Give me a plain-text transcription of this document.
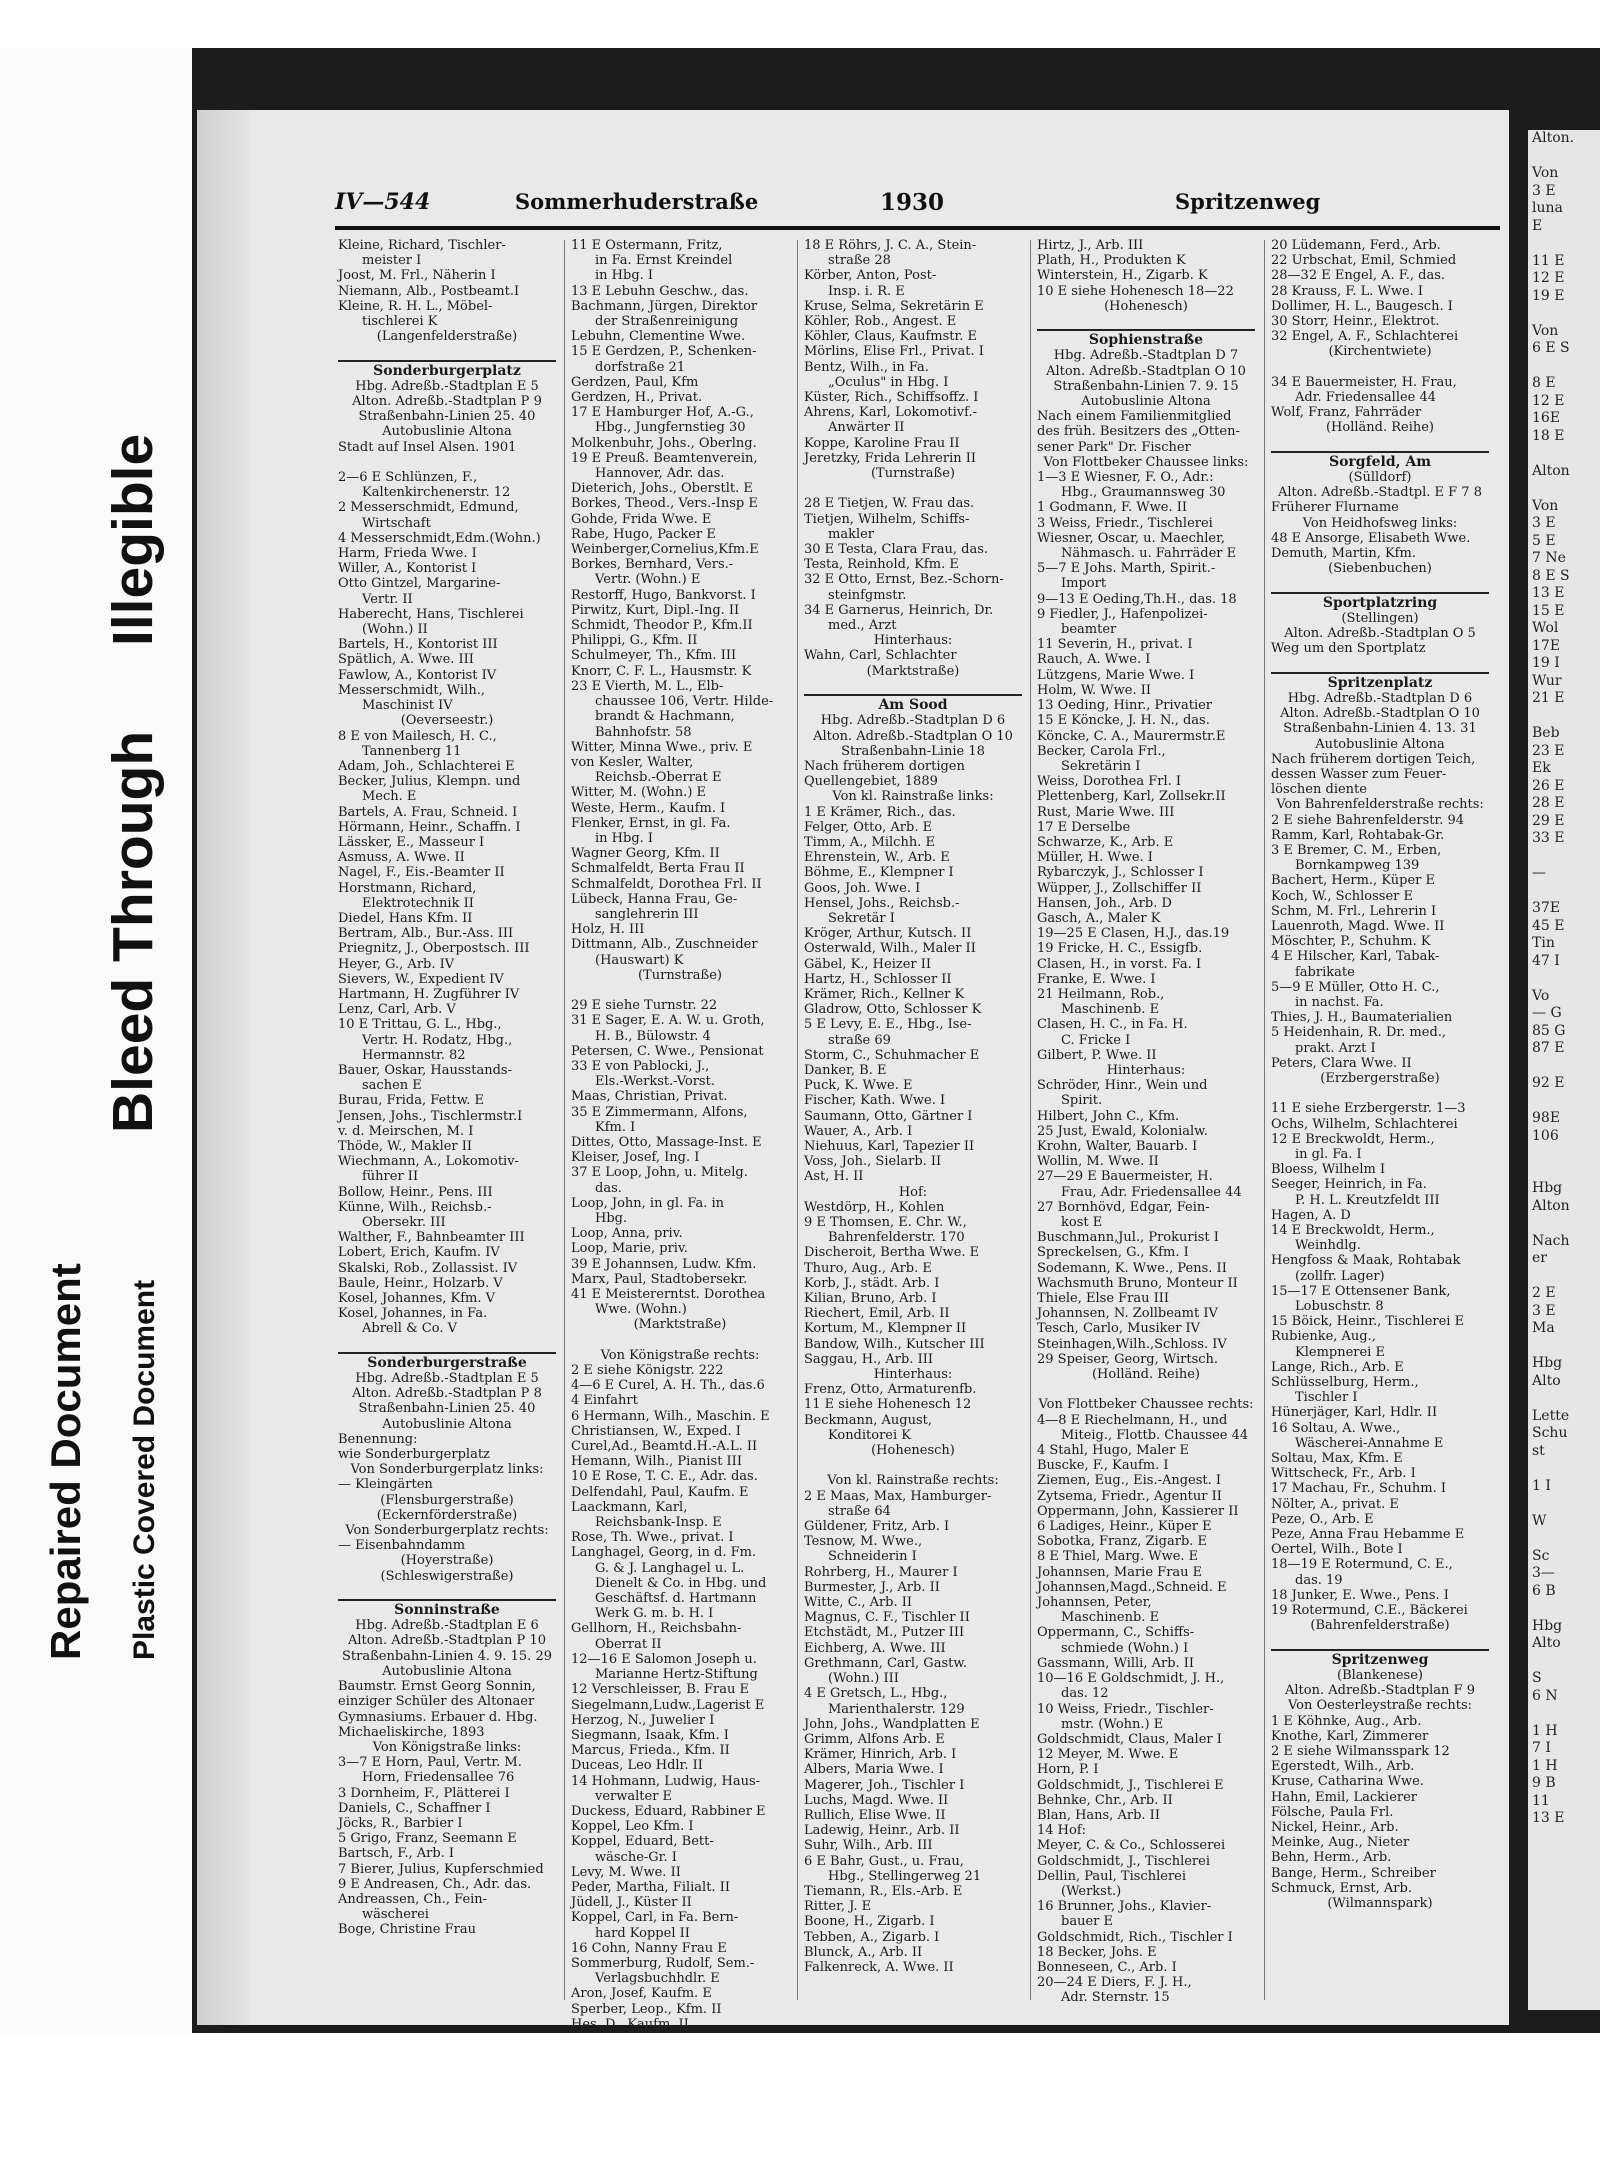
Repaired Document Plastic Covered Document
Bleed Through
Illegible
Alton.

Von
3 E
luna
E

11 E
12 E
19 E

Von
6 E S

8 E
12 E
16E
18 E

Alton

Von
3 E
5 E
7 Ne
8 E S
13 E
15 E
Wol
17E
19 I
Wur
21 E

Beb
23 E
Ek
26 E
28 E
29 E
33 E

—

37E
45 E
Tin
47 I

Vo
— G
85 G
87 E

92 E

98E
106

Hbg
Alton

Nach
er

2 E
3 E
Ma

Hbg
Alto

Lette
Schu
st

1 I

W

Sc
3—
6 B

Hbg
Alto

S
6 N

1 H
7 I
1 H
9 B
11
13 E
IV—544	Sommerhuderstraße	1930	Spritzenweg
Kleine, Richard, Tischler-
meister I
Joost, M. Frl., Näherin I
Niemann, Alb., Postbeamt.I
Kleine, R. H. L., Möbel-
tischlerei K
(Langenfelderstraße)

Sonderburgerplatz
Hbg. Adreßb.-Stadtplan E 5
Alton. Adreßb.-Stadtplan P 9
Straßenbahn-Linien 25. 40
Autobuslinie Altona
Stadt auf Insel Alsen. 1901

2—6 E Schlünzen, F.,
Kaltenkirchenerstr. 12
2 Messerschmidt, Edmund,
Wirtschaft
4 Messerschmidt,Edm.(Wohn.)
Harm, Frieda Wwe. I
Willer, A., Kontorist I
Otto Gintzel, Margarine-
Vertr. II
Haberecht, Hans, Tischlerei
(Wohn.) II
Bartels, H., Kontorist III
Spätlich, A. Wwe. III
Fawlow, A., Kontorist IV
Messerschmidt, Wilh.,
Maschinist IV
(Oeverseestr.)
8 E von Mailesch, H. C.,
Tannenberg 11
Adam, Joh., Schlachterei E
Becker, Julius, Klempn. und
Mech. E
Bartels, A. Frau, Schneid. I
Hörmann, Heinr., Schaffn. I
Lässker, E., Masseur I
Asmuss, A. Wwe. II
Nagel, F., Eis.-Beamter II
Horstmann, Richard,
Elektrotechnik II
Diedel, Hans Kfm. II
Bertram, Alb., Bur.-Ass. III
Priegnitz, J., Oberpostsch. III
Heyer, G., Arb. IV
Sievers, W., Expedient IV
Hartmann, H. Zugführer IV
Lenz, Carl, Arb. V
10 E Trittau, G. L., Hbg.,
Vertr. H. Rodatz, Hbg.,
Hermannstr. 82
Bauer, Oskar, Hausstands-
sachen E
Burau, Frida, Fettw. E
Jensen, Johs., Tischlermstr.I
v. d. Meirschen, M. I
Thöde, W., Makler II
Wiechmann, A., Lokomotiv-
führer II
Bollow, Heinr., Pens. III
Künne, Wilh., Reichsb.-
Obersekr. III
Walther, F., Bahnbeamter III
Lobert, Erich, Kaufm. IV
Skalski, Rob., Zollassist. IV
Baule, Heinr., Holzarb. V
Kosel, Johannes, Kfm. V
Kosel, Johannes, in Fa.
Abrell & Co. V

Sonderburgerstraße
Hbg. Adreßb.-Stadtplan E 5
Alton. Adreßb.-Stadtplan P 8
Straßenbahn-Linien 25. 40
Autobuslinie Altona
Benennung:
wie Sonderburgerplatz
Von Sonderburgerplatz links:
— Kleingärten
(Flensburgerstraße)
(Eckernförderstraße)
Von Sonderburgerplatz rechts:
— Eisenbahndamm
(Hoyerstraße)
(Schleswigerstraße)

Sonninstraße
Hbg. Adreßb.-Stadtplan E 6
Alton. Adreßb.-Stadtplan P 10
Straßenbahn-Linien 4. 9. 15. 29
Autobuslinie Altona
Baumstr. Ernst Georg Sonnin,
einziger Schüler des Altonaer
Gymnasiums. Erbauer d. Hbg.
Michaeliskirche, 1893
Von Königstraße links:
3—7 E Horn, Paul, Vertr. M.
Horn, Friedensallee 76
3 Dornheim, F., Plätterei I
Daniels, C., Schaffner I
Jöcks, R., Barbier I
5 Grigo, Franz, Seemann E
Bartsch, F., Arb. I
7 Bierer, Julius, Kupferschmied
9 E Andreasen, Ch., Adr. das.
Andreassen, Ch., Fein-
wäscherei
Boge, Christine Frau
11 E Ostermann, Fritz,
in Fa. Ernst Kreindel
in Hbg. I
13 E Lebuhn Geschw., das.
Bachmann, Jürgen, Direktor
der Straßenreinigung
Lebuhn, Clementine Wwe.
15 E Gerdzen, P., Schenken-
dorfstraße 21
Gerdzen, Paul, Kfm
Gerdzen, H., Privat.
17 E Hamburger Hof, A.-G.,
Hbg., Jungfernstieg 30
Molkenbuhr, Johs., Oberlng.
19 E Preuß. Beamtenverein,
Hannover, Adr. das.
Dieterich, Johs., Oberstlt. E
Borkes, Theod., Vers.-Insp E
Gohde, Frida Wwe. E
Rabe, Hugo, Packer E
Weinberger,Cornelius,Kfm.E
Borkes, Bernhard, Vers.-
Vertr. (Wohn.) E
Restorff, Hugo, Bankvorst. I
Pirwitz, Kurt, Dipl.-Ing. II
Schmidt, Theodor P., Kfm.II
Philippi, G., Kfm. II
Schulmeyer, Th., Kfm. III
Knorr, C. F. L., Hausmstr. K
23 E Vierth, M. L., Elb-
chaussee 106, Vertr. Hilde-
brandt & Hachmann,
Bahnhofstr. 58
Witter, Minna Wwe., priv. E
von Kesler, Walter,
Reichsb.-Oberrat E
Witter, M. (Wohn.) E
Weste, Herm., Kaufm. I
Flenker, Ernst, in gl. Fa.
in Hbg. I
Wagner Georg, Kfm. II
Schmalfeldt, Berta Frau II
Schmalfeldt, Dorothea Frl. II
Lübeck, Hanna Frau, Ge-
sanglehrerin III
Holz, H. III
Dittmann, Alb., Zuschneider
(Hauswart) K
(Turnstraße)

29 E siehe Turnstr. 22
31 E Sager, E. A. W. u. Groth,
H. B., Bülowstr. 4
Petersen, C. Wwe., Pensionat
33 E von Pablocki, J.,
Els.-Werkst.-Vorst.
Maas, Christian, Privat.
35 E Zimmermann, Alfons,
Kfm. I
Dittes, Otto, Massage-Inst. E
Kleiser, Josef, Ing. I
37 E Loop, John, u. Mitelg.
das.
Loop, John, in gl. Fa. in
Hbg.
Loop, Anna, priv.
Loop, Marie, priv.
39 E Johannsen, Ludw. Kfm.
Marx, Paul, Stadtobersekr.
41 E Meistererntst. Dorothea
Wwe. (Wohn.)
(Marktstraße)

Von Königstraße rechts:
2 E siehe Königstr. 222
4—6 E Curel, A. H. Th., das.6
4 Einfahrt
6 Hermann, Wilh., Maschin. E
Christiansen, W., Exped. I
Curel,Ad., Beamtd.H.-A.L. II
Hemann, Wilh., Pianist III
10 E Rose, T. C. E., Adr. das.
Delfendahl, Paul, Kaufm. E
Laackmann, Karl,
Reichsbank-Insp. E
Rose, Th. Wwe., privat. I
Langhagel, Georg, in d. Fm.
G. & J. Langhagel u. L.
Dienelt & Co. in Hbg. und
Geschäftsf. d. Hartmann
Werk G. m. b. H. I
Gellhorn, H., Reichsbahn-
Oberrat II
12—16 E Salomon Joseph u.
Marianne Hertz-Stiftung
12 Verschleisser, B. Frau E
Siegelmann,Ludw.,Lagerist E
Herzog, N., Juwelier I
Siegmann, Isaak, Kfm. I
Marcus, Frieda., Kfm. II
Duceas, Leo Hdlr. II
14 Hohmann, Ludwig, Haus-
verwalter E
Duckess, Eduard, Rabbiner E
Koppel, Leo Kfm. I
Koppel, Eduard, Bett-
wäsche-Gr. I
Levy, M. Wwe. II
Peder, Martha, Filialt. II
Jüdell, J., Küster II
Koppel, Carl, in Fa. Bern-
hard Koppel II
16 Cohn, Nanny Frau E
Sommerburg, Rudolf, Sem.-
Verlagsbuchhdlr. E
Aron, Josef, Kaufm. E
Sperber, Leop., Kfm. II
Hes, D., Kaufm. II
18 E Röhrs, J. C. A., Stein-
straße 28
Körber, Anton, Post-
Insp. i. R. E
Kruse, Selma, Sekretärin E
Köhler, Rob., Angest. E
Köhler, Claus, Kaufmstr. E
Mörlins, Elise Frl., Privat. I
Bentz, Wilh., in Fa.
„Oculus" in Hbg. I
Küster, Rich., Schiffsoffz. I
Ahrens, Karl, Lokomotivf.-
Anwärter II
Koppe, Karoline Frau II
Jeretzky, Frida Lehrerin II
(Turnstraße)

28 E Tietjen, W. Frau das.
Tietjen, Wilhelm, Schiffs-
makler
30 E Testa, Clara Frau, das.
Testa, Reinhold, Kfm. E
32 E Otto, Ernst, Bez.-Schorn-
steinfgmstr.
34 E Garnerus, Heinrich, Dr.
med., Arzt
Hinterhaus:
Wahn, Carl, Schlachter
(Marktstraße)

Am Sood
Hbg. Adreßb.-Stadtplan D 6
Alton. Adreßb.-Stadtplan O 10
Straßenbahn-Linie 18
Nach früherem dortigen
Quellengebiet, 1889
Von kl. Rainstraße links:
1 E Krämer, Rich., das.
Felger, Otto, Arb. E
Timm, A., Milchh. E
Ehrenstein, W., Arb. E
Böhme, E., Klempner I
Goos, Joh. Wwe. I
Hensel, Johs., Reichsb.-
Sekretär I
Kröger, Arthur, Kutsch. II
Osterwald, Wilh., Maler II
Gäbel, K., Heizer II
Hartz, H., Schlosser II
Krämer, Rich., Kellner K
Gladrow, Otto, Schlosser K
5 E Levy, E. E., Hbg., Ise-
straße 69
Storm, C., Schuhmacher E
Danker, B. E
Puck, K. Wwe. E
Fischer, Kath. Wwe. I
Saumann, Otto, Gärtner I
Wauer, A., Arb. I
Niehuus, Karl, Tapezier II
Voss, Joh., Sielarb. II
Ast, H. II
Hof:
Westdörp, H., Kohlen
9 E Thomsen, E. Chr. W.,
Bahrenfelderstr. 170
Discheroit, Bertha Wwe. E
Thuro, Aug., Arb. E
Korb, J., städt. Arb. I
Kilian, Bruno, Arb. I
Riechert, Emil, Arb. II
Kortum, M., Klempner II
Bandow, Wilh., Kutscher III
Saggau, H., Arb. III
Hinterhaus:
Frenz, Otto, Armaturenfb.
11 E siehe Hohenesch 12
Beckmann, August,
Konditorei K
(Hohenesch)

Von kl. Rainstraße rechts:
2 E Maas, Max, Hamburger-
straße 64
Güldener, Fritz, Arb. I
Tesnow, M. Wwe.,
Schneiderin I
Rohrberg, H., Maurer I
Burmester, J., Arb. II
Witte, C., Arb. II
Magnus, C. F., Tischler II
Etchstädt, M., Putzer III
Eichberg, A. Wwe. III
Grethmann, Carl, Gastw.
(Wohn.) III
4 E Gretsch, L., Hbg.,
Marienthalerstr. 129
John, Johs., Wandplatten E
Grimm, Alfons Arb. E
Krämer, Hinrich, Arb. I
Albers, Maria Wwe. I
Magerer, Joh., Tischler I
Luchs, Magd. Wwe. II
Rullich, Elise Wwe. II
Ladewig, Heinr., Arb. II
Suhr, Wilh., Arb. III
6 E Bahr, Gust., u. Frau,
Hbg., Stellingerweg 21
Tiemann, R., Els.-Arb. E
Ritter, J. E
Boone, H., Zigarb. I
Tebben, A., Zigarb. I
Blunck, A., Arb. II
Falkenreck, A. Wwe. II
Hirtz, J., Arb. III
Plath, H., Produkten K
Winterstein, H., Zigarb. K
10 E siehe Hohenesch 18—22
(Hohenesch)

Sophienstraße
Hbg. Adreßb.-Stadtplan D 7
Alton. Adreßb.-Stadtplan O 10
Straßenbahn-Linien 7. 9. 15
Autobuslinie Altona
Nach einem Familienmitglied
des früh. Besitzers des „Otten-
sener Park" Dr. Fischer
Von Flottbeker Chaussee links:
1—3 E Wiesner, F. O., Adr.:
Hbg., Graumannsweg 30
1 Godmann, F. Wwe. II
3 Weiss, Friedr., Tischlerei
Wiesner, Oscar, u. Maechler,
Nähmasch. u. Fahrräder E
5—7 E Johs. Marth, Spirit.-
Import
9—13 E Oeding,Th.H., das. 18
9 Fiedler, J., Hafenpolizei-
beamter
11 Severin, H., privat. I
Rauch, A. Wwe. I
Lützgens, Marie Wwe. I
Holm, W. Wwe. II
13 Oeding, Hinr., Privatier
15 E Köncke, J. H. N., das.
Köncke, C. A., Maurermstr.E
Becker, Carola Frl.,
Sekretärin I
Weiss, Dorothea Frl. I
Plettenberg, Karl, Zollsekr.II
Rust, Marie Wwe. III
17 E Derselbe
Schwarze, K., Arb. E
Müller, H. Wwe. I
Rybarczyk, J., Schlosser I
Wüpper, J., Zollschiffer II
Hansen, Joh., Arb. D
Gasch, A., Maler K
19—25 E Clasen, H.J., das.19
19 Fricke, H. C., Essigfb.
Clasen, H., in vorst. Fa. I
Franke, E. Wwe. I
21 Heilmann, Rob.,
Maschinenb. E
Clasen, H. C., in Fa. H.
C. Fricke I
Gilbert, P. Wwe. II
Hinterhaus:
Schröder, Hinr., Wein und
Spirit.
Hilbert, John C., Kfm.
25 Just, Ewald, Kolonialw.
Krohn, Walter, Bauarb. I
Wollin, M. Wwe. II
27—29 E Bauermeister, H.
Frau, Adr. Friedensallee 44
27 Bornhövd, Edgar, Fein-
kost E
Buschmann,Jul., Prokurist I
Spreckelsen, G., Kfm. I
Sodemann, K. Wwe., Pens. II
Wachsmuth Bruno, Monteur II
Thiele, Else Frau III
Johannsen, N. Zollbeamt IV
Tesch, Carlo, Musiker IV
Steinhagen,Wilh.,Schloss. IV
29 Speiser, Georg, Wirtsch.
(Holländ. Reihe)

Von Flottbeker Chaussee rechts:
4—8 E Riechelmann, H., und
Miteig., Flottb. Chaussee 44
4 Stahl, Hugo, Maler E
Buscke, F., Kaufm. I
Ziemen, Eug., Eis.-Angest. I
Zytsema, Friedr., Agentur II
Oppermann, John, Kassierer II
6 Ladiges, Heinr., Küper E
Sobotka, Franz, Zigarb. E
8 E Thiel, Marg. Wwe. E
Johannsen, Marie Frau E
Johannsen,Magd.,Schneid. E
Johannsen, Peter,
Maschinenb. E
Oppermann, C., Schiffs-
schmiede (Wohn.) I
Gassmann, Willi, Arb. II
10—16 E Goldschmidt, J. H.,
das. 12
10 Weiss, Friedr., Tischler-
mstr. (Wohn.) E
Goldschmidt, Claus, Maler I
12 Meyer, M. Wwe. E
Horn, P. I
Goldschmidt, J., Tischlerei E
Behnke, Chr., Arb. II
Blan, Hans, Arb. II
14 Hof:
Meyer, C. & Co., Schlosserei
Goldschmidt, J., Tischlerei
Dellin, Paul, Tischlerei
(Werkst.)
16 Brunner, Johs., Klavier-
bauer E
Goldschmidt, Rich., Tischler I
18 Becker, Johs. E
Bonneseen, C., Arb. I
20—24 E Diers, F. J. H.,
Adr. Sternstr. 15
20 Lüdemann, Ferd., Arb.
22 Urbschat, Emil, Schmied
28—32 E Engel, A. F., das.
28 Krauss, F. L. Wwe. I
Dollimer, H. L., Baugesch. I
30 Storr, Heinr., Elektrot.
32 Engel, A. F., Schlachterei
(Kirchentwiete)

34 E Bauermeister, H. Frau,
Adr. Friedensallee 44
Wolf, Franz, Fahrräder
(Holländ. Reihe)

Sorgfeld, Am
(Sülldorf)
Alton. Adreßb.-Stadtpl. E F 7 8
Früherer Flurname
Von Heidhofsweg links:
48 E Ansorge, Elisabeth Wwe.
Demuth, Martin, Kfm.
(Siebenbuchen)

Sportplatzring
(Stellingen)
Alton. Adreßb.-Stadtplan O 5
Weg um den Sportplatz

Spritzenplatz
Hbg. Adreßb.-Stadtplan D 6
Alton. Adreßb.-Stadtplan O 10
Straßenbahn-Linien 4. 13. 31
Autobuslinie Altona
Nach früherem dortigen Teich,
dessen Wasser zum Feuer-
löschen diente
Von Bahrenfelderstraße rechts:
2 E siehe Bahrenfelderstr. 94
Ramm, Karl, Rohtabak-Gr.
3 E Bremer, C. M., Erben,
Bornkampweg 139
Bachert, Herm., Küper E
Koch, W., Schlosser E
Schm, M. Frl., Lehrerin I
Lauenroth, Magd. Wwe. II
Möschter, P., Schuhm. K
4 E Hilscher, Karl, Tabak-
fabrikate
5—9 E Müller, Otto H. C.,
in nachst. Fa.
Thies, J. H., Baumaterialien
5 Heidenhain, R. Dr. med.,
prakt. Arzt I
Peters, Clara Wwe. II
(Erzbergerstraße)

11 E siehe Erzbergerstr. 1—3
Ochs, Wilhelm, Schlachterei
12 E Breckwoldt, Herm.,
in gl. Fa. I
Bloess, Wilhelm I
Seeger, Heinrich, in Fa.
P. H. L. Kreutzfeldt III
Hagen, A. D
14 E Breckwoldt, Herm.,
Weinhdlg.
Hengfoss & Maak, Rohtabak
(zollfr. Lager)
15—17 E Ottensener Bank,
Lobuschstr. 8
15 Böick, Heinr., Tischlerei E
Rubienke, Aug.,
Klempnerei E
Lange, Rich., Arb. E
Schlüsselburg, Herm.,
Tischler I
Hünerjäger, Karl, Hdlr. II
16 Soltau, A. Wwe.,
Wäscherei-Annahme E
Soltau, Max, Kfm. E
Wittscheck, Fr., Arb. I
17 Machau, Fr., Schuhm. I
Nölter, A., privat. E
Peze, O., Arb. E
Peze, Anna Frau Hebamme E
Oertel, Wilh., Bote I
18—19 E Rotermund, C. E.,
das. 19
18 Junker, E. Wwe., Pens. I
19 Rotermund, C.E., Bäckerei
(Bahrenfelderstraße)

Spritzenweg
(Blankenese)
Alton. Adreßb.-Stadtplan F 9
Von Oesterleystraße rechts:
1 E Köhnke, Aug., Arb.
Knothe, Karl, Zimmerer
2 E siehe Wilmansspark 12
Egerstedt, Wilh., Arb.
Kruse, Catharina Wwe.
Hahn, Emil, Lackierer
Fölsche, Paula Frl.
Nickel, Heinr., Arb.
Meinke, Aug., Nieter
Behn, Herm., Arb.
Bange, Herm., Schreiber
Schmuck, Ernst, Arb.
(Wilmannspark)
